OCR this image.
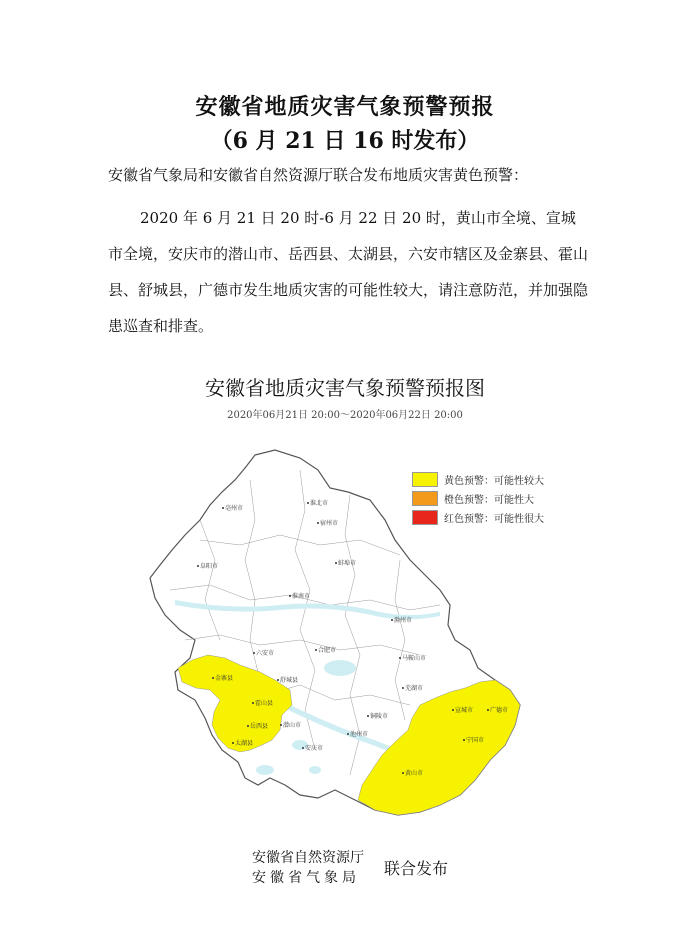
安徽省地质灾害气象预警预报
（6 月 21 日 16 时发布）
安徽省气象局和安徽省自然资源厅联合发布地质灾害黄色预警：

2020 年 6 月 21 日 20 时-6 月 22 日 20 时，黄山市全境、宣城市全境，安庆市的潜山市、岳西县、太湖县，六安市辖区及金寨县、霍山县、舒城县，广德市发生地质灾害的可能性较大，请注意防范，并加强隐患巡查和排查。

安徽省地质灾害气象预警预报图
2020年06月21日 20:00～2020年06月22日 20:00
亳州市
淮北市
宿州市
阜阳市	蚌埠市
淮南市
滁州市
六安市	合肥市
马鞍山市
芜湖市
宣城市
铜陵市
安庆市
池州市
黄山市
金寨县
霍山县
岳西县 潜山市
太湖县
舒城县
广德市
宁国市
黄色预警：可能性较大
橙色预警：可能性大
红色预警：可能性很大
安徽省自然资源厅
安徽省气象局 联合发布
